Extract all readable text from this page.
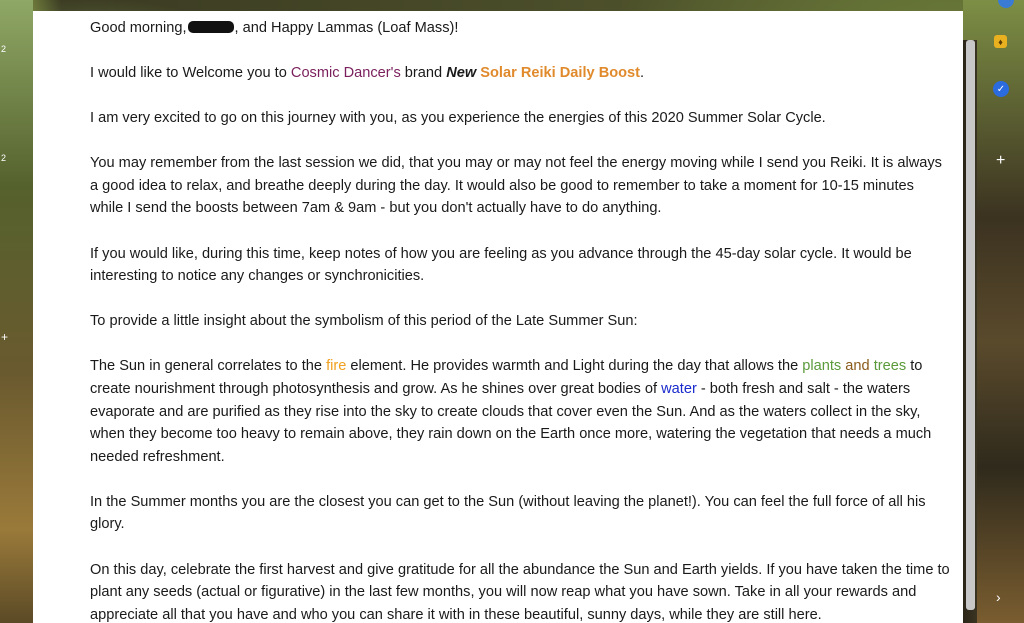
2
2
+

Good morning,	, and Happy Lammas (Loaf Mass)!

I would like to Welcome you to Cosmic Dancer's brand New Solar Reiki Daily Boost.

I am very excited to go on this journey with you, as you experience the energies of this 2020 Summer Solar Cycle.

You may remember from the last session we did, that you may or may not feel the energy moving while I send you Reiki. It is always a good idea to relax, and breathe deeply during the day. It would also be good to remember to take a moment for 10-15 minutes while I send the boosts between 7am & 9am - but you don't actually have to do anything.

If you would like, during this time, keep notes of how you are feeling as you advance through the 45-day solar cycle. It would be interesting to notice any changes or synchronicities.

To provide a little insight about the symbolism of this period of the Late Summer Sun:

The Sun in general correlates to the fire element. He provides warmth and Light during the day that allows the plants and trees to create nourishment through photosynthesis and grow. As he shines over great bodies of water - both fresh and salt - the waters evaporate and are purified as they rise into the sky to create clouds that cover even the Sun. And as the waters collect in the sky, when they become too heavy to remain above, they rain down on the Earth once more, watering the vegetation that needs a much needed refreshment.

In the Summer months you are the closest you can get to the Sun (without leaving the planet!). You can feel the full force of all his glory.

On this day, celebrate the first harvest and give gratitude for all the abundance the Sun and Earth yields. If you have taken the time to plant any seeds (actual or figurative) in the last few months, you will now reap what you have sown. Take in all your rewards and appreciate all that you have and who you can share it with in these beautiful, sunny days, while they are still here.

♦
✓
+
›
